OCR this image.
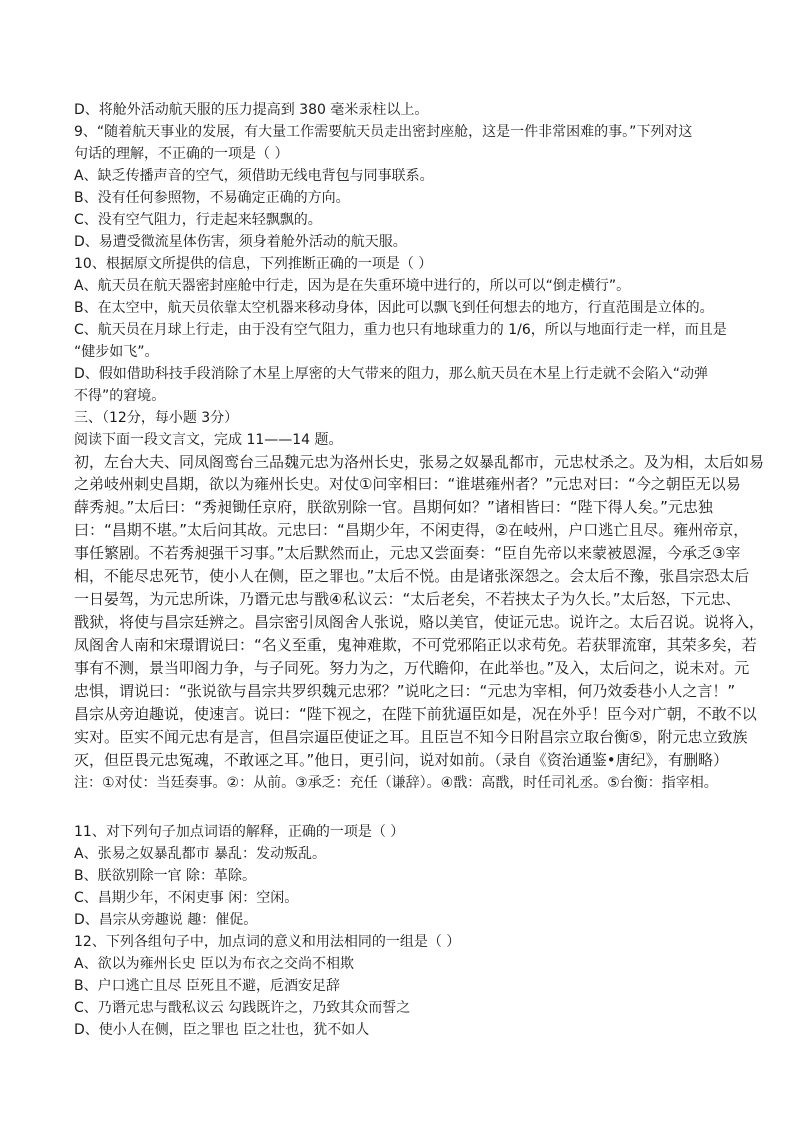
D、将舱外活动航天服的压力提高到 380 毫米汞柱以上。
9、“随着航天事业的发展，有大量工作需要航天员走出密封座舱，这是一件非常困难的事。”下列对这
句话的理解，不正确的一项是（ ）
A、缺乏传播声音的空气，须借助无线电背包与同事联系。
B、没有任何参照物，不易确定正确的方向。
C、没有空气阻力，行走起来轻飘飘的。
D、易遭受微流星体伤害，须身着舱外活动的航天服。
10、根据原文所提供的信息，下列推断正确的一项是（ ）
A、航天员在航天器密封座舱中行走，因为是在失重环境中进行的，所以可以“倒走横行”。
B、在太空中，航天员依靠太空机器来移动身体，因此可以飘飞到任何想去的地方，行直范围是立体的。
C、航天员在月球上行走，由于没有空气阻力，重力也只有地球重力的 1/6，所以与地面行走一样，而且是
“健步如飞”。
D、假如借助科技手段消除了木星上厚密的大气带来的阻力，那么航天员在木星上行走就不会陷入“动弹
不得”的窘境。
三、（12分，每小题 3分）
阅读下面一段文言文，完成 11——14 题。
初，左台大夫、同凤阁鸾台三品魏元忠为洛州长史，张易之奴暴乱都市，元忠杖杀之。及为相，太后如易
之弟岐州刺史昌期，欲以为雍州长史。对仗①问宰相曰：“谁堪雍州者？”元忠对曰：“今之朝臣无以易
薛秀昶。”太后曰：“秀昶锄任京府，朕欲别除一官。昌期何如？”诸相皆曰：“陛下得人矣。”元忠独
曰：“昌期不堪。”太后问其故。元忠曰：“昌期少年，不闲吏得，②在岐州，户口逃亡且尽。雍州帝京，
事任繁剧。不若秀昶强干习事。”太后默然而止，元忠又尝面奏：“臣自先帝以来蒙被恩渥，今承乏③宰
相，不能尽忠死节，使小人在侧，臣之罪也。”太后不悦。由是诸张深怨之。会太后不豫，张昌宗恐太后
一日晏驾，为元忠所诛，乃谮元忠与戬④私议云：“太后老矣，不若挟太子为久长。”太后怒，下元忠、
戬狱，将使与昌宗廷辨之。昌宗密引凤阁舍人张说，赂以美官，使证元忠。说许之。太后召说。说将入，
凤阁舍人南和宋璟谓说曰：“名义至重，鬼神难欺，不可党邪陷正以求苟免。若获罪流窜，其荣多矣，若
事有不测，景当叩阁力争，与子同死。努力为之，万代瞻仰，在此举也。”及入，太后问之，说未对。元
忠惧，谓说曰：“张说欲与昌宗共罗织魏元忠邪？”说叱之曰：“元忠为宰相，何乃效委巷小人之言！”
昌宗从旁迫趣说，使速言。说曰：“陛下视之，在陛下前犹逼臣如是，况在外乎！臣今对广朝，不敢不以
实对。臣实不闻元忠有是言，但昌宗逼臣使证之耳。且臣岂不知今日附昌宗立取台衡⑤，附元忠立致族
灭，但臣畏元忠冤魂，不敢诬之耳。”他日，更引问，说对如前。（录自《资治通鉴•唐纪》，有删略）
注：①对仗：当廷奏事。②：从前。③承乏：充任（谦辞）。④戬：高戬，时任司礼丞。⑤台衡：指宰相。
11、对下列句子加点词语的解释，正确的一项是（ ）
A、张易之奴暴乱都市 暴乱：发动叛乱。
B、朕欲别除一官 除：革除。
C、昌期少年，不闲吏事 闲：空闲。
D、昌宗从旁趣说 趣：催促。
12、下列各组句子中，加点词的意义和用法相同的一组是（ ）
A、欲以为雍州长史 臣以为布衣之交尚不相欺
B、户口逃亡且尽 臣死且不避，卮酒安足辞
C、乃谮元忠与戬私议云 勾践既许之，乃致其众而誓之
D、使小人在侧，臣之罪也 臣之壮也，犹不如人
